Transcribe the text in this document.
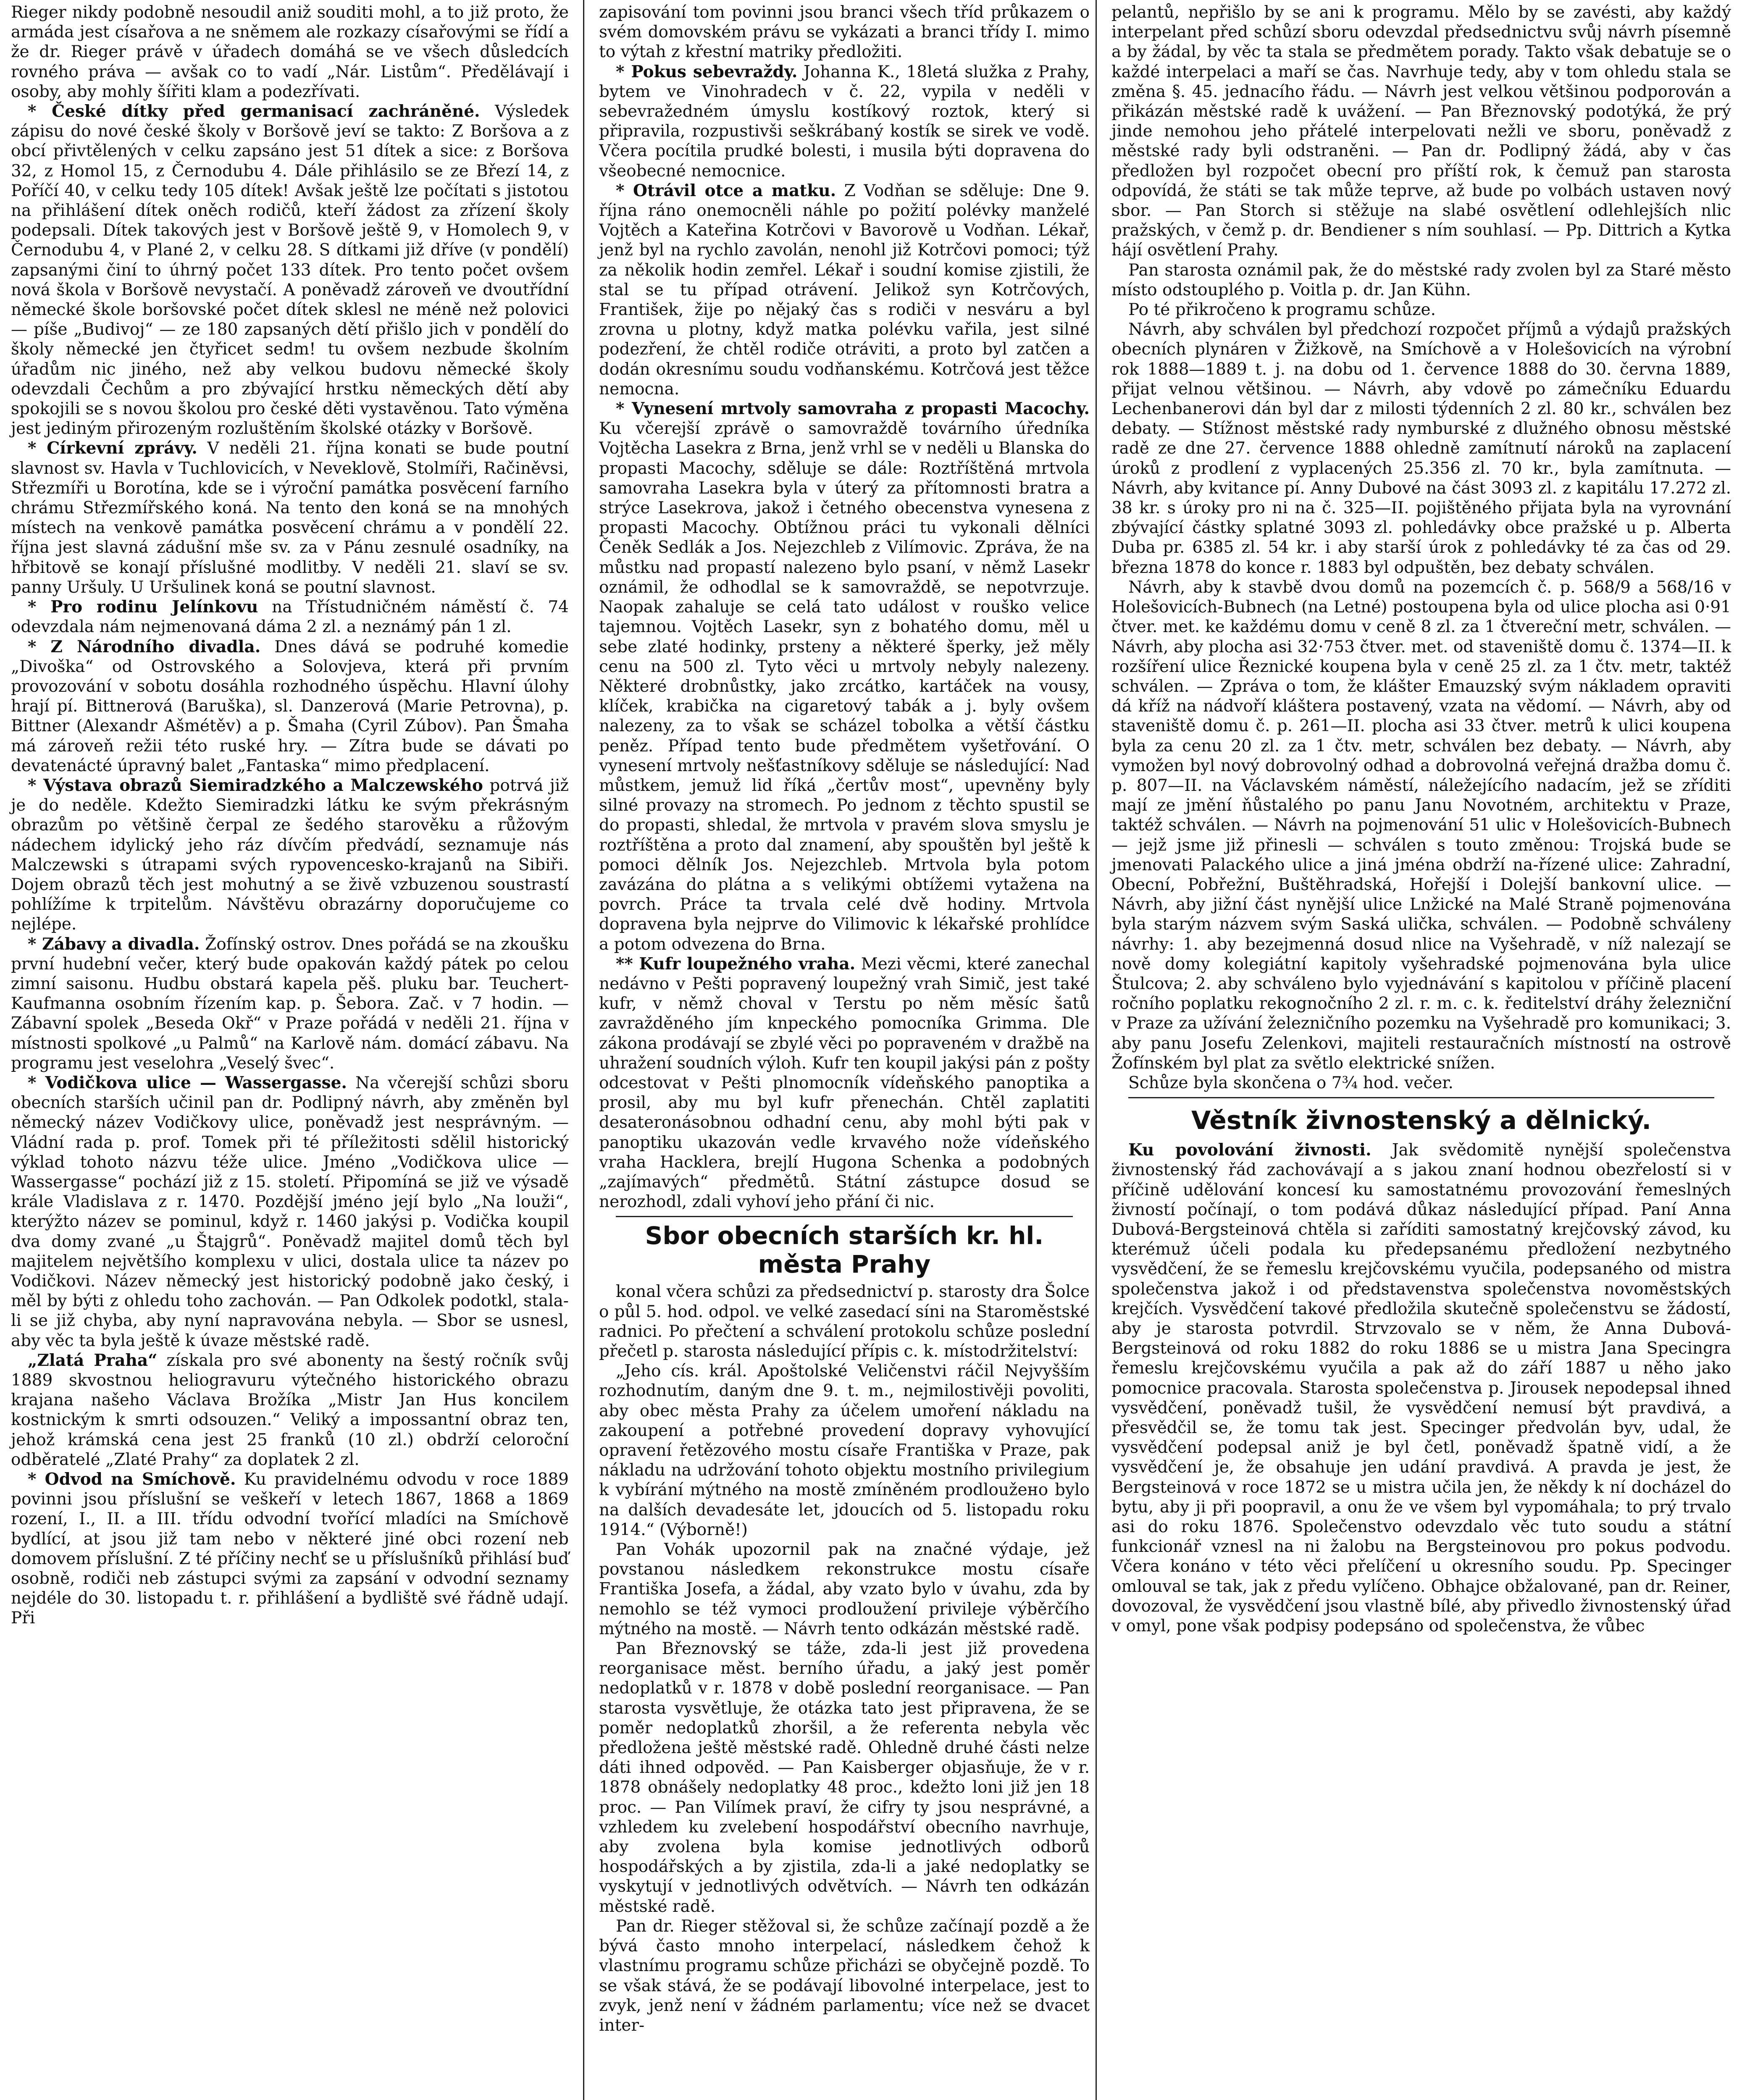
Rieger nikdy podobně nesoudil aniž souditi mohl, a to již proto, že armáda jest císařova a ne sněmem ale rozkazy císařovými se řídí a že dr. Rieger právě v úřadech domáhá se ve všech důsledcích rovného práva — avšak co to vadí „Nár. Listům“. Předělávají i osoby, aby mohly šířiti klam a podezřívati.

* České dítky před germanisací zachráněné. Výsledek zápisu do nové české školy v Boršově jeví se takto: Z Boršova a z obcí přivtělených v celku zapsáno jest 51 dítek a sice: z Boršova 32, z Homol 15, z Černodubu 4. Dále přihlásilo se ze Březí 14, z Poříčí 40, v celku tedy 105 dítek! Avšak ještě lze počítati s jistotou na přihlášení dítek oněch rodičů, kteří žádost za zřízení školy podepsali. Dítek takových jest v Boršově ještě 9, v Homolech 9, v Černodubu 4, v Plané 2, v celku 28. S dítkami již dříve (v pondělí) zapsanými činí to úhrný počet 133 dítek. Pro tento počet ovšem nová škola v Boršově nevystačí. A poněvadž zároveň ve dvoutřídní německé škole boršovské počet dítek sklesl ne méně než polovici — píše „Budivoj“ — ze 180 zapsaných dětí přišlo jich v pondělí do školy německé jen čtyřicet sedm! tu ovšem nezbude školním úřadům nic jiného, než aby velkou budovu německé školy odevzdali Čechům a pro zbývající hrstku německých dětí aby spokojili se s novou školou pro české děti vystavěnou. Tato výměna jest jediným přirozeným rozluštěním školské otázky v Boršově.

* Církevní zprávy. V neděli 21. října konati se bude poutní slavnost sv. Havla v Tuchlovicích, v Neveklově, Stolmíři, Račiněvsi, Střezmíři u Borotína, kde se i výroční památka posvěcení farního chrámu Střezmířského koná. Na tento den koná se na mnohých místech na venkově památka posvěcení chrámu a v pondělí 22. října jest slavná zádušní mše sv. za v Pánu zesnulé osadníky, na hřbitově se konají příslušné modlitby. V neděli 21. slaví se sv. panny Uršuly. U Uršulinek koná se poutní slavnost.

* Pro rodinu Jelínkovu na Třístudničném náměstí č. 74 odevzdala nám nejmenovaná dáma 2 zl. a neznámý pán 1 zl.

* Z Národního divadla. Dnes dává se podruhé komedie „Divoška“ od Ostrovského a Solovjeva, která při prvním provozování v sobotu dosáhla rozhodného úspěchu. Hlavní úlohy hrají pí. Bittnerová (Baruška), sl. Danzerová (Marie Petrovna), p. Bittner (Alexandr Ašmétěv) a p. Šmaha (Cyril Zúbov). Pan Šmaha má zároveň režii této ruské hry. — Zítra bude se dávati po devatenácté úpravný balet „Fantaska“ mimo předplacení.

* Výstava obrazů Siemiradzkého a Malczewského potrvá již je do neděle. Kdežto Siemiradzki látku ke svým překrásným obrazům po většině čerpal ze šedého starověku a růžovým nádechem idylický jeho ráz dívčím předvádí, seznamuje nás Malczewski s útrapami svých rypovencesko-krajanů na Sibiři. Dojem obrazů těch jest mohutný a se živě vzbuzenou soustrastí pohlížíme k trpitelům. Návštěvu obrazárny doporučujeme co nejlépe.

* Zábavy a divadla. Žofínský ostrov. Dnes pořádá se na zkoušku první hudební večer, který bude opakován každý pátek po celou zimní saisonu. Hudbu obstará kapela pěš. pluku bar. Teuchert-Kaufmanna osobním řízením kap. p. Šebora. Zač. v 7 hodin. — Zábavní spolek „Beseda Okř“ v Praze pořádá v neděli 21. října v místnosti spolkové „u Palmů“ na Karlově nám. domácí zábavu. Na programu jest veselohra „Veselý švec“.

* Vodičkova ulice — Wassergasse. Na včerejší schůzi sboru obecních starších učinil pan dr. Podlipný návrh, aby změněn byl německý název Vodičkovy ulice, poněvadž jest nesprávným. — Vládní rada p. prof. Tomek při té příležitosti sdělil historický výklad tohoto názvu téže ulice. Jméno „Vodičkova ulice — Wassergasse“ pochází již z 15. století. Připomíná se již ve výsadě krále Vladislava z r. 1470. Pozdější jméno její bylo „Na louži“, kterýžto název se pominul, když r. 1460 jakýsi p. Vodička koupil dva domy zvané „u Štajgrů“. Poněvadž majitel domů těch byl majitelem největšího komplexu v ulici, dostala ulice ta název po Vodičkovi. Název německý jest historický podobně jako český, i měl by býti z ohledu toho zachován. — Pan Odkolek podotkl, stala-li se již chyba, aby nyní napravována nebyla. — Sbor se usnesl, aby věc ta byla ještě k úvaze městské radě.

„Zlatá Praha“ získala pro své abonenty na šestý ročník svůj 1889 skvostnou heliogravuru výtečného historického obrazu krajana našeho Václava Brožíka „Mistr Jan Hus koncilem kostnickým k smrti odsouzen.“ Veliký a impossantní obraz ten, jehož krámská cena jest 25 franků (10 zl.) obdrží celoroční odběratelé „Zlaté Prahy“ za doplatek 2 zl.

* Odvod na Smíchově. Ku pravidelnému odvodu v roce 1889 povinni jsou příslušní se veškeří v letech 1867, 1868 a 1869 rození, I., II. a III. třídu odvodní tvořící mladíci na Smíchově bydlící, at jsou již tam nebo v některé jiné obci rození neb domovem příslušní. Z té příčiny nechť se u příslušníků přihlásí buď osobně, rodiči neb zástupci svými za zapsání v odvodní seznamy nejdéle do 30. listopadu t. r. přihlášení a bydliště své řádně udají. Při

zapisování tom povinni jsou branci všech tříd průkazem o svém domovském právu se vykázati a branci třídy I. mimo to výtah z křestní matriky předložiti.

* Pokus sebevraždy. Johanna K., 18letá služka z Prahy, bytem ve Vinohradech v č. 22, vypila v neděli v sebevražedném úmyslu kostíkový roztok, který si připravila, rozpustivši seškrábaný kostík se sirek ve vodě. Včera pocítila prudké bolesti, i musila býti dopravena do všeobecné nemocnice.

* Otrávil otce a matku. Z Vodňan se sděluje: Dne 9. října ráno onemocněli náhle po požití polévky manželé Vojtěch a Kateřina Kotrčovi v Bavorově u Vodňan. Lékař, jenž byl na rychlo zavolán, nenohl již Kotrčovi pomoci; týž za několik hodin zemřel. Lékař i soudní komise zjistili, že stal se tu případ otrávení. Jelikož syn Kotrčových, František, žije po nějaký čas s rodiči v nesváru a byl zrovna u plotny, když matka polévku vařila, jest silné podezření, že chtěl rodiče otráviti, a proto byl zatčen a dodán okresnímu soudu vodňanskému. Kotrčová jest těžce nemocna.

* Vynesení mrtvoly samovraha z propasti Macochy. Ku včerejší zprávě o samovraždě továrního úředníka Vojtěcha Lasekra z Brna, jenž vrhl se v neděli u Blanska do propasti Macochy, sděluje se dále: Roztříštěná mrtvola samovraha Lasekra byla v úterý za přítomnosti bratra a strýce Lasekrova, jakož i četného obecenstva vynesena z propasti Macochy. Obtížnou práci tu vykonali dělníci Čeněk Sedlák a Jos. Nejezchleb z Vilímovic. Zpráva, že na můstku nad propastí nalezeno bylo psaní, v němž Lasekr oznámil, že odhodlal se k samovraždě, se nepotvrzuje. Naopak zahaluje se celá tato událost v rouško velice tajemnou. Vojtěch Lasekr, syn z bohatého domu, měl u sebe zlaté hodinky, prsteny a některé šperky, jež měly cenu na 500 zl. Tyto věci u mrtvoly nebyly nalezeny. Některé drobnůstky, jako zrcátko, kartáček na vousy, klíček, krabička na cigaretový tabák a j. byly ovšem nalezeny, za to však se scházel tobolka a větší částku peněz. Případ tento bude předmětem vyšetřování. O vynesení mrtvoly nešťastníkovy sděluje se následující: Nad můstkem, jemuž lid říká „čertův most“, upevněny byly silné provazy na stromech. Po jednom z těchto spustil se do propasti, shledal, že mrtvola v pravém slova smyslu je roztříštěna a proto dal znamení, aby spouštěn byl ještě k pomoci dělník Jos. Nejezchleb. Mrtvola byla potom zavázána do plátna a s velikými obtížemi vytažena na povrch. Práce ta trvala celé dvě hodiny. Mrtvola dopravena byla nejprve do Vilimovic k lékařské prohlídce a potom odvezena do Brna.

** Kufr loupežného vraha. Mezi věcmi, které zanechal nedávno v Pešti popravený loupežný vrah Simič, jest také kufr, v němž choval v Terstu po něm měsíc šatů zavražděného jím knpeckého pomocníka Grimma. Dle zákona prodávají se zbylé věci po popraveném v dražbě na uhražení soudních výloh. Kufr ten koupil jakýsi pán z pošty odcestovat v Pešti plnomocník vídeňského panoptika a prosil, aby mu byl kufr přenechán. Chtěl zaplatiti desateronásobnou odhadní cenu, aby mohl býti pak v panoptiku ukazován vedle krvavého nože vídeňského vraha Hacklera, brejlí Hugona Schenka a podobných „zajímavých“ předmětů. Státní zástupce dosud se nerozhodl, zdali vyhoví jeho přání či nic.

Sbor obecních starších kr. hl. města Prahy

konal včera schůzi za předsednictví p. starosty dra Šolce o půl 5. hod. odpol. ve velké zasedací síni na Staroměstské radnici. Po přečtení a schválení protokolu schůze poslední přečetl p. starosta následující přípis c. k. místodržitelství:

„Jeho cís. král. Apoštolské Veličenstvi ráčil Nejvyšším rozhodnutím, daným dne 9. t. m., nejmilostivěji povoliti, aby obec města Prahy za účelem umoření nákladu na zakoupení a potřebné provedení dopravy vyhovující opravení řetězového mostu císaře Františka v Praze, pak nákladu na udržování tohoto objektu mostního privilegium k vybírání mýtného na mostě zmíněném prodloužено bylo na dalších devadesáte let, jdoucích od 5. listopadu roku 1914.“ (Výborně!)

Pan Vohák upozornil pak na značné výdaje, jež povstanou následkem rekonstrukce mostu císaře Františka Josefa, a žádal, aby vzato bylo v úvahu, zda by nemohlo se též vymoci prodloužení privileje výběrčího mýtného na mostě. — Návrh tento odkázán městské radě.

Pan Březnovský se táže, zda-li jest již provedena reorganisace měst. berního úřadu, a jaký jest poměr nedoplatků v r. 1878 v době poslední reorganisace. — Pan starosta vysvětluje, že otázka tato jest připravena, že se poměr nedoplatků zhoršil, a že referenta nebyla věc předložena ještě městské radě. Ohledně druhé části nelze dáti ihned odpověd. — Pan Kaisberger objasňuje, že v r. 1878 obnášely nedoplatky 48 proc., kdežto loni již jen 18 proc. — Pan Vilímek praví, že cifry ty jsou nesprávné, a vzhledem ku zvelebení hospodářství obecního navrhuje, aby zvolena byla komise jednotlivých odborů hospodářských a by zjistila, zda-li a jaké nedoplatky se vyskytují v jednotlivých odvětvích. — Návrh ten odkázán městské radě.

Pan dr. Rieger stěžoval si, že schůze začínají pozdě a že bývá často mnoho interpelací, následkem čehož k vlastnímu programu schůze přicházi se obyčejně pozdě. To se však stává, že se podávají libovolné interpelace, jest to zvyk, jenž není v žádném parlamentu; více než se dvacet inter-

pelantů, nepřišlo by se ani k programu. Mělo by se zavésti, aby každý interpelant před schůzí sboru odevzdal předsednictvu svůj návrh písemně a by žádal, by věc ta stala se předmětem porady. Takto však debatuje se o každé interpelaci a maří se čas. Navrhuje tedy, aby v tom ohledu stala se změna §. 45. jednacího řádu. — Návrh jest velkou většinou podporován a přikázán městské radě k uvážení. — Pan Březnovský podotýká, že prý jinde nemohou jeho přátelé interpelovati nežli ve sboru, poněvadž z městské rady byli odstraněni. — Pan dr. Podlipný žádá, aby v čas předložen byl rozpočet obecní pro příští rok, k čemuž pan starosta odpovídá, že státi se tak může teprve, až bude po volbách ustaven nový sbor. — Pan Storch si stěžuje na slabé osvětlení odlehlejších nlic pražských, v čemž p. dr. Bendiener s ním souhlasí. — Pp. Dittrich a Kytka hájí osvětlení Prahy.

Pan starosta oznámil pak, že do městské rady zvolen byl za Staré město místo odstouplého p. Voitla p. dr. Jan Kühn.

Po té přikročeno k programu schůze.

Návrh, aby schválen byl předchozí rozpočet příjmů a výdajů pražských obecních plynáren v Žižkově, na Smíchově a v Holešovicích na výrobní rok 1888—1889 t. j. na dobu od 1. července 1888 do 30. června 1889, přijat velnou většinou. — Návrh, aby vdově po zámečníku Eduardu Lechenbanerovi dán byl dar z milosti týdenních 2 zl. 80 kr., schválen bez debaty. — Stížnost městské rady nymburské z dlužného obnosu městské radě ze dne 27. července 1888 ohledně zamítnutí nároků na zaplacení úroků z prodlení z vyplacených 25.356 zl. 70 kr., byla zamítnuta. — Návrh, aby kvitance pí. Anny Dubové na část 3093 zl. z kapitálu 17.272 zl. 38 kr. s úroky pro ni na č. 325—II. pojištěného přijata byla na vyrovnání zbývající částky splatné 3093 zl. pohledávky obce pražské u p. Alberta Duba pr. 6385 zl. 54 kr. i aby starší úrok z pohledávky té za čas od 29. března 1878 do konce r. 1883 byl odpuštěn, bez debaty schválen.

Návrh, aby k stavbě dvou domů na pozemcích č. p. 568/9 a 568/16 v Holešovicích-Bubnech (na Letné) postoupena byla od ulice plocha asi 0·91 čtver. met. ke každému domu v ceně 8 zl. za 1 čtvereční metr, schválen. — Návrh, aby plocha asi 32·753 čtver. met. od staveniště domu č. 1374—II. k rozšíření ulice Řeznické koupena byla v ceně 25 zl. za 1 čtv. metr, taktéž schválen. — Zpráva o tom, že klášter Emauzský svým nákladem opraviti dá kříž na nádvoří kláštera postavený, vzata na vědomí. — Návrh, aby od staveniště domu č. p. 261—II. plocha asi 33 čtver. metrů k ulici koupena byla za cenu 20 zl. za 1 čtv. metr, schválen bez debaty. — Návrh, aby vymožen byl nový dobrovolný odhad a dobrovolná veřejná dražba domu č. p. 807—II. na Václavském náměstí, náležejícího nadacím, jež se zříditi mají ze jmění ňůstalého po panu Janu Novotném, architektu v Praze, taktéž schválen. — Návrh na pojmenování 51 ulic v Holešovicích-Bubnech — jejž jsme již přinesli — schválen s touto změnou: Trojská bude se jmenovati Palackého ulice a jiná jména obdrží na-řízené ulice: Zahradní, Obecní, Pobřežní, Buštěhradská, Hořejší i Dolejší bankovní ulice. — Návrh, aby jižní část nynější ulice Lnžické na Malé Straně pojmenována byla starým názvem svým Saská ulička, schválen. — Podobně schváleny návrhy: 1. aby bezejmenná dosud nlice na Vyšehradě, v níž nalezají se nově domy kolegiátní kapitoly vyšehradské pojmenována byla ulice Štulcova; 2. aby schváleno bylo vyjednávání s kapitolou v příčině placení ročního poplatku rekognočního 2 zl. r. m. c. k. ředitelství dráhy železniční v Praze za užívání železničního pozemku na Vyšehradě pro komunikaci; 3. aby panu Josefu Zelenkovi, majiteli restauračních místností na ostrově Žofínském byl plat za světlo elektrické snížen.

Schůze byla skončena o 7¾ hod. večer.

Věstník živnostenský a dělnický.

Ku povolování živnosti. Jak svědomitě nynější společenstva živnostenský řád zachovávají a s jakou znaní hodnou obezřelostí si v příčině udělování koncesí ku samostatnému provozování řemeslných živností počínají, o tom podává důkaz následující případ. Paní Anna Dubová-Bergsteinová chtěla si zaříditi samostatný krejčovský závod, ku kterémuž účeli podala ku předepsanému předložení nezbytného vysvědčení, že se řemeslu krejčovskému vyučila, podepsaného od mistra společenstva jakož i od představenstva společenstva novoměstských krejčích. Vysvědčení takové předložila skutečně společenstvu se žádostí, aby je starosta potvrdil. Strvzovalo se v něm, že Anna Dubová-Bergsteinová od roku 1882 do roku 1886 se u mistra Jana Specingra řemeslu krejčovskému vyučila a pak až do září 1887 u něho jako pomocnice pracovala. Starosta společenstva p. Jirousek nepodepsal ihned vysvědčení, poněvadž tušil, že vysvědčení nemusí být pravdivá, a přesvědčil se, že tomu tak jest. Specinger předvolán byv, udal, že vysvědčení podepsal aniž je byl četl, poněvadž špatně vidí, a že vysvědčení je, že obsahuje jen udání pravdivá. A pravda je jest, že Bergsteinová v roce 1872 se u mistra učila jen, že někdy k ní docházel do bytu, aby ji při poopravil, a onu že ve všem byl vypomáhala; to prý trvalo asi do roku 1876. Společenstvo odevzdalo věc tuto soudu a státní funkcionář vznesl na ni žalobu na Bergsteinovou pro pokus podvodu. Včera konáno v této věci přelíčení u okresního soudu. Pp. Specinger omlouval se tak, jak z předu vylíčeno. Obhajce obžalované, pan dr. Reiner, dovozoval, že vysvědčení jsou vlastně bílé, aby přivedlo živnostenský úřad v omyl, pone však podpisy podepsáno od společenstva, že vůbec
